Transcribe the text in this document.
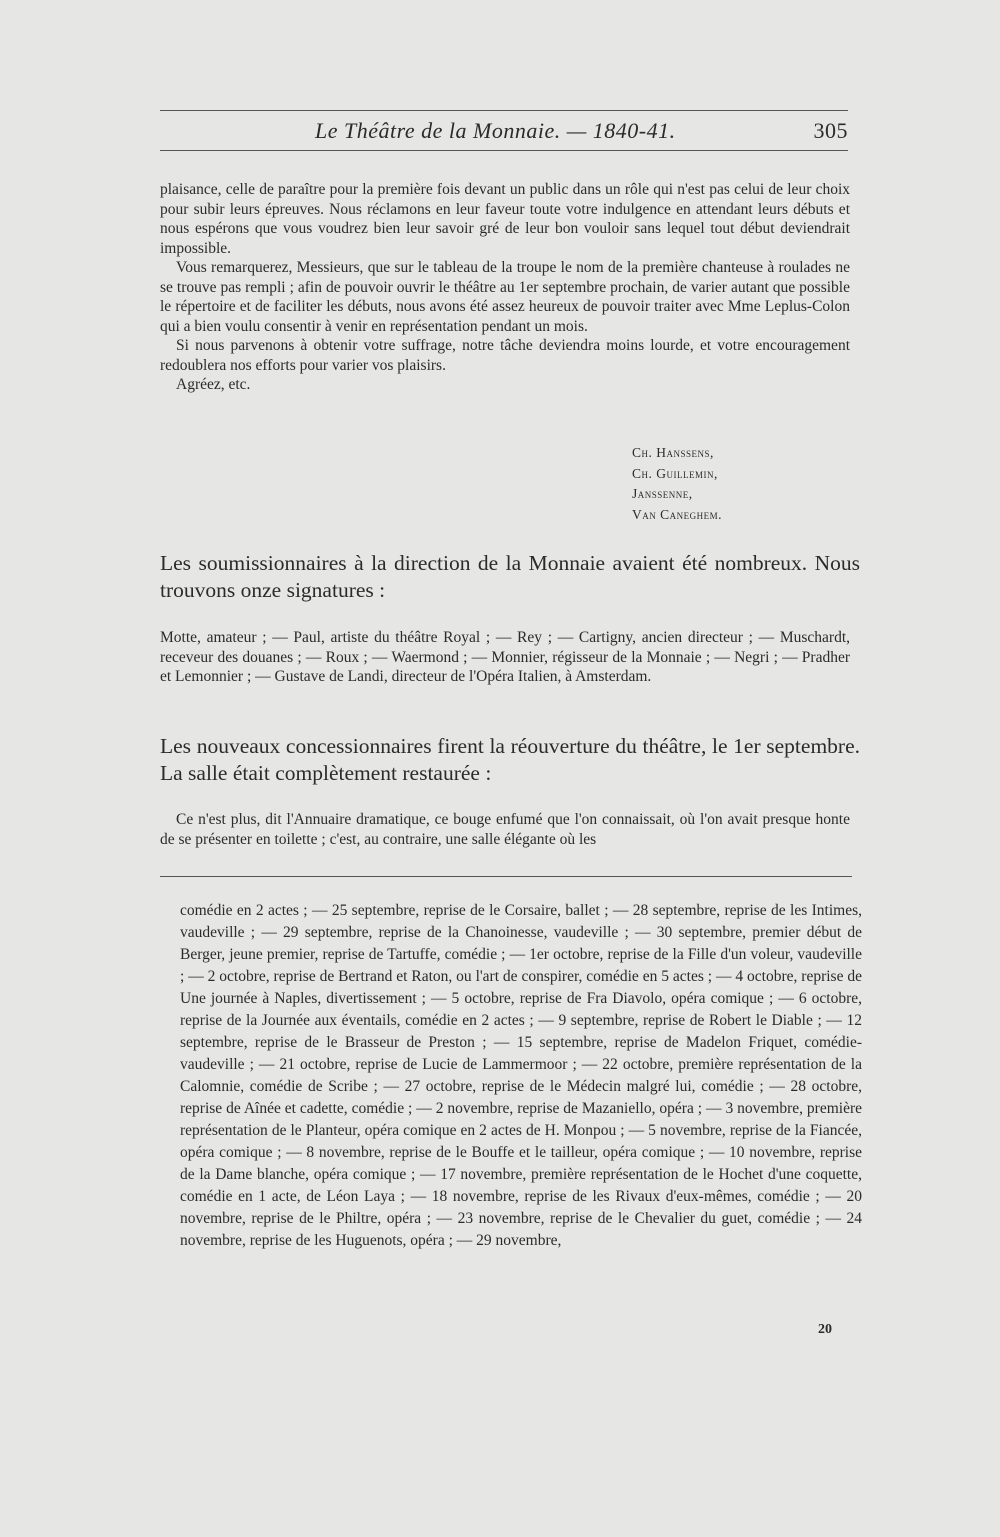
Le Théâtre de la Monnaie. — 1840-41.	305

plaisance, celle de paraître pour la première fois devant un public dans un rôle qui n'est pas celui de leur choix pour subir leurs épreuves. Nous réclamons en leur faveur toute votre indulgence en attendant leurs débuts et nous espérons que vous voudrez bien leur savoir gré de leur bon vouloir sans lequel tout début deviendrait impossible.

Vous remarquerez, Messieurs, que sur le tableau de la troupe le nom de la première chanteuse à roulades ne se trouve pas rempli ; afin de pouvoir ouvrir le théâtre au 1er septembre prochain, de varier autant que possible le répertoire et de faciliter les débuts, nous avons été assez heureux de pouvoir traiter avec Mme Leplus-Colon qui a bien voulu consentir à venir en représentation pendant un mois.

Si nous parvenons à obtenir votre suffrage, notre tâche deviendra moins lourde, et votre encouragement redoublera nos efforts pour varier vos plaisirs.

Agréez, etc.

Ch. Hanssens,
Ch. Guillemin,
Janssenne,
Van Caneghem.
Les soumissionnaires à la direction de la Monnaie avaient été nombreux. Nous trouvons onze signatures :

Motte, amateur ; — Paul, artiste du théâtre Royal ; — Rey ; — Cartigny, ancien directeur ; — Muschardt, receveur des douanes ; — Roux ; — Waermond ; — Monnier, régisseur de la Monnaie ; — Negri ; — Pradher et Lemonnier ; — Gustave de Landi, directeur de l'Opéra Italien, à Amsterdam.

Les nouveaux concessionnaires firent la réouverture du théâtre, le 1er septembre. La salle était complètement restaurée :

Ce n'est plus, dit l'Annuaire dramatique, ce bouge enfumé que l'on connaissait, où l'on avait presque honte de se présenter en toilette ; c'est, au contraire, une salle élégante où les

comédie en 2 actes ; — 25 septembre, reprise de le Corsaire, ballet ; — 28 septembre, reprise de les Intimes, vaudeville ; — 29 septembre, reprise de la Chanoinesse, vaudeville ; — 30 septembre, premier début de Berger, jeune premier, reprise de Tartuffe, comédie ; — 1er octobre, reprise de la Fille d'un voleur, vaudeville ; — 2 octobre, reprise de Bertrand et Raton, ou l'art de conspirer, comédie en 5 actes ; — 4 octobre, reprise de Une journée à Naples, divertissement ; — 5 octobre, reprise de Fra Diavolo, opéra comique ; — 6 octobre, reprise de la Journée aux éventails, comédie en 2 actes ; — 9 septembre, reprise de Robert le Diable ; — 12 septembre, reprise de le Brasseur de Preston ; — 15 septembre, reprise de Madelon Friquet, comédie-vaudeville ; — 21 octobre, reprise de Lucie de Lammermoor ; — 22 octobre, première représentation de la Calomnie, comédie de Scribe ; — 27 octobre, reprise de le Médecin malgré lui, comédie ; — 28 octobre, reprise de Aînée et cadette, comédie ; — 2 novembre, reprise de Mazaniello, opéra ; — 3 novembre, première représentation de le Planteur, opéra comique en 2 actes de H. Monpou ; — 5 novembre, reprise de la Fiancée, opéra comique ; — 8 novembre, reprise de le Bouffe et le tailleur, opéra comique ; — 10 novembre, reprise de la Dame blanche, opéra comique ; — 17 novembre, première représentation de le Hochet d'une coquette, comédie en 1 acte, de Léon Laya ; — 18 novembre, reprise de les Rivaux d'eux-mêmes, comédie ; — 20 novembre, reprise de le Philtre, opéra ; — 23 novembre, reprise de le Chevalier du guet, comédie ; — 24 novembre, reprise de les Huguenots, opéra ; — 29 novembre,

20
